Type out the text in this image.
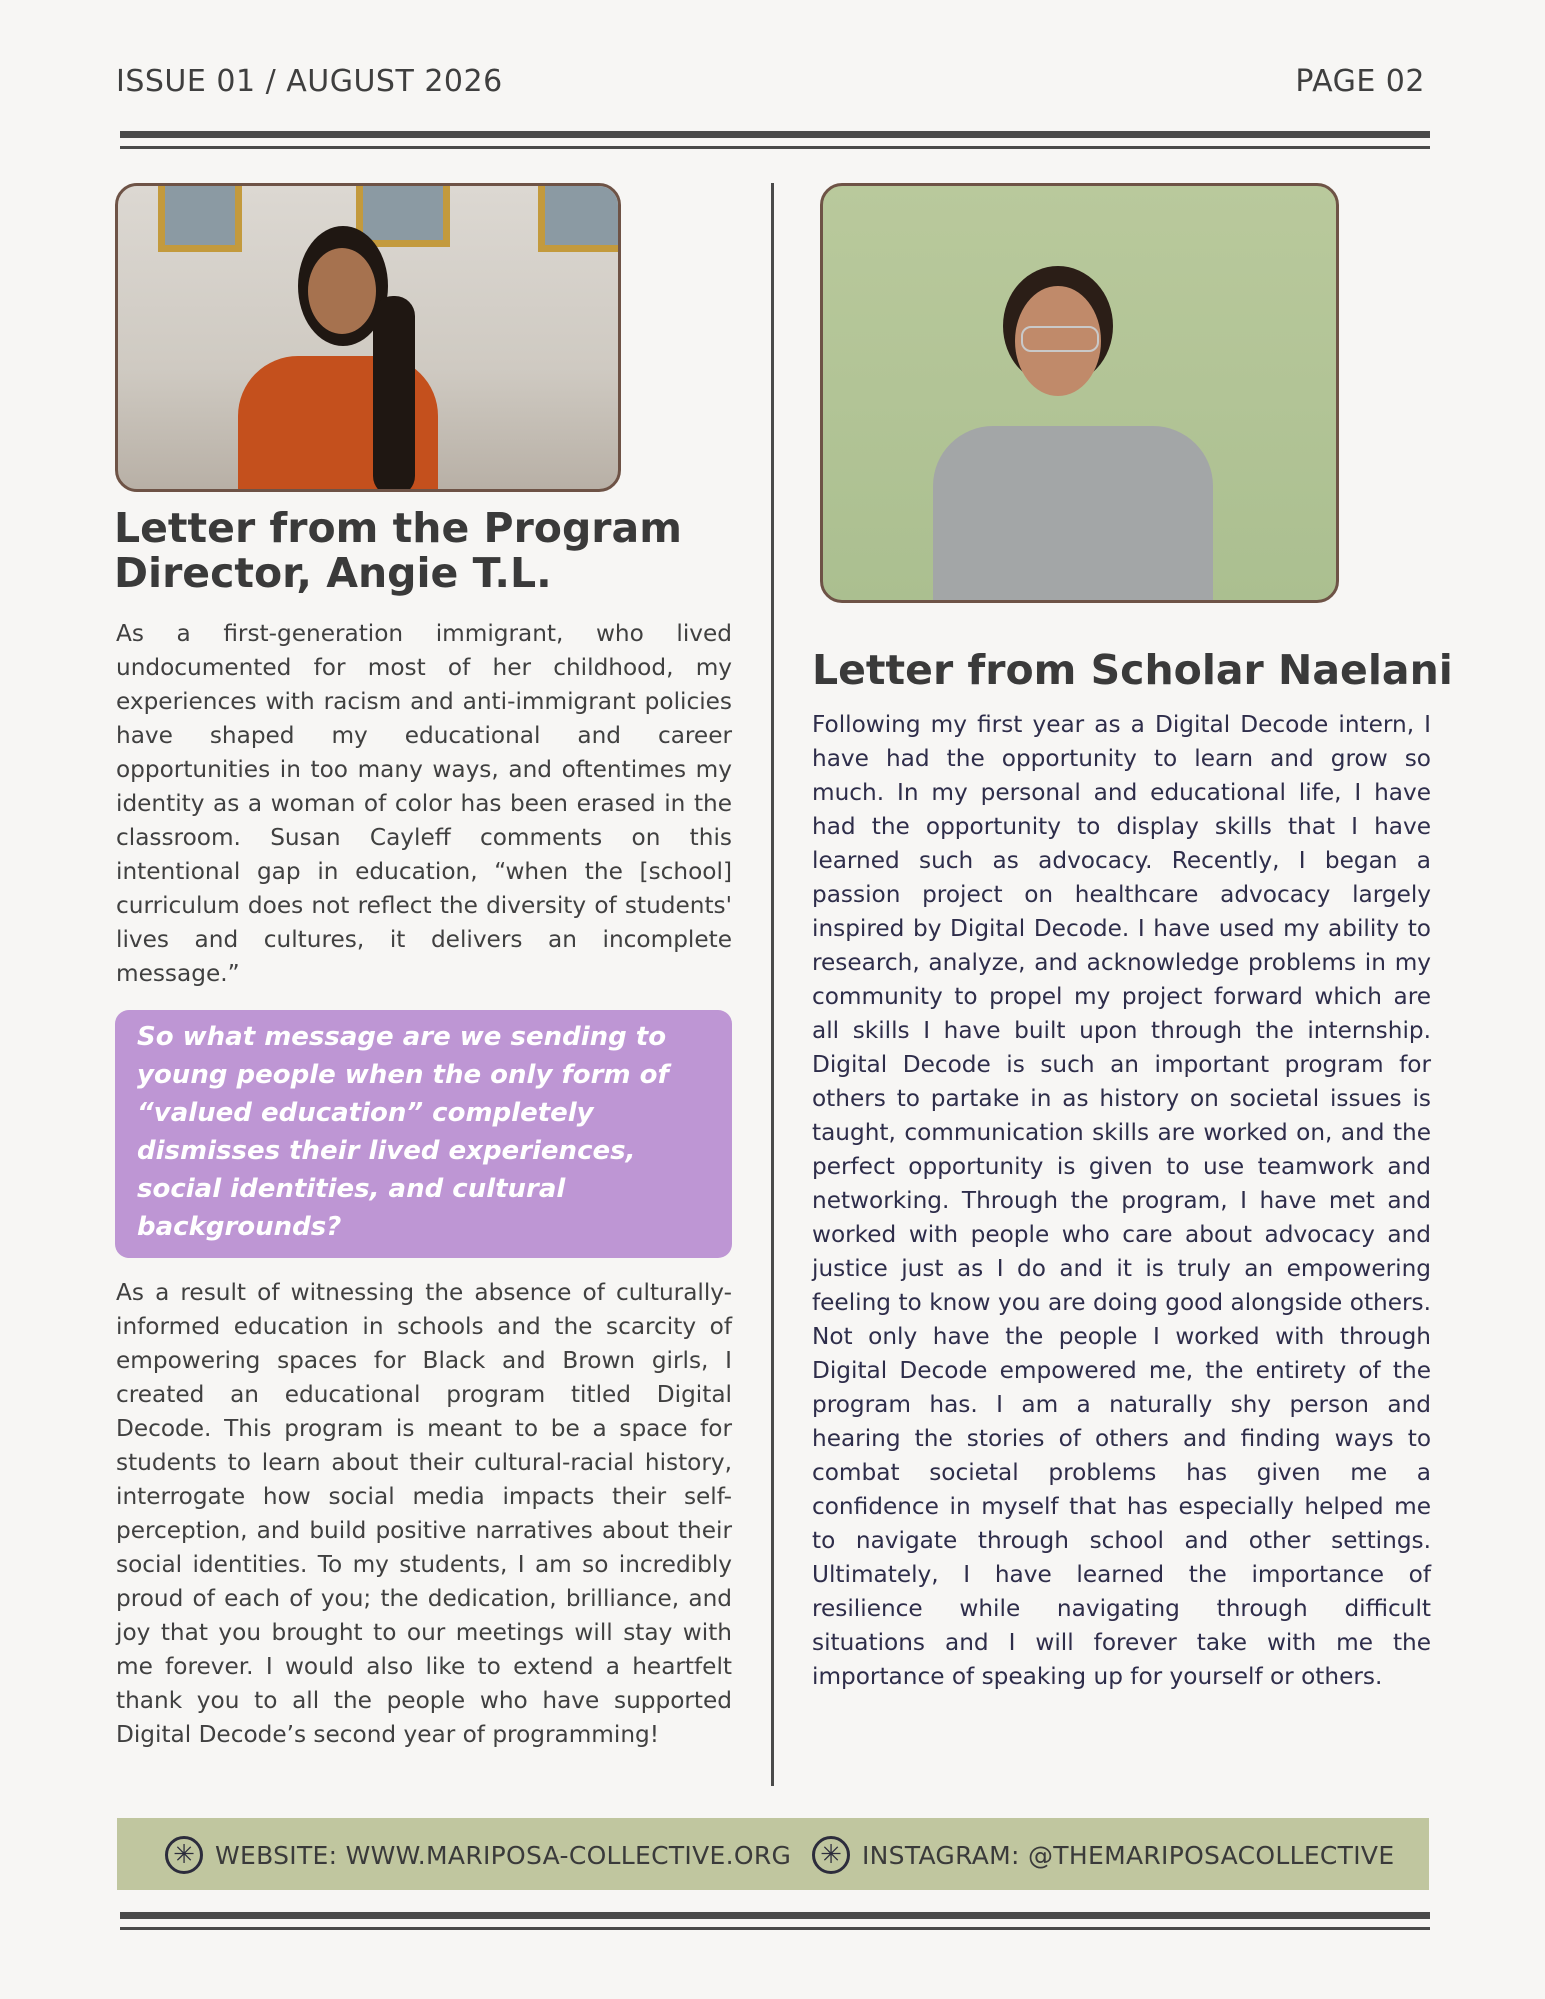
ISSUE 01 / AUGUST 2026	PAGE 02
Letter from the Program Director, Angie T.L.

As a first-generation immigrant, who lived undocumented for most of her childhood, my experiences with racism and anti-immigrant policies have shaped my educational and career opportunities in too many ways, and oftentimes my identity as a woman of color has been erased in the classroom. Susan Cayleff comments on this intentional gap in education, “when the [school] curriculum does not reflect the diversity of students' lives and cultures, it delivers an incomplete message.”

So what message are we sending to young people when the only form of “valued education” completely dismisses their lived experiences, social identities, and cultural backgrounds?

As a result of witnessing the absence of culturally-informed education in schools and the scarcity of empowering spaces for Black and Brown girls, I created an educational program titled Digital Decode. This program is meant to be a space for students to learn about their cultural-racial history, interrogate how social media impacts their self-perception, and build positive narratives about their social identities. To my students, I am so incredibly proud of each of you; the dedication, brilliance, and joy that you brought to our meetings will stay with me forever. I would also like to extend a heartfelt thank you to all the people who have supported Digital Decode’s second year of programming!

Letter from Scholar Naelani

Following my first year as a Digital Decode intern, I have had the opportunity to learn and grow so much. In my personal and educational life, I have had the opportunity to display skills that I have learned such as advocacy. Recently, I began a passion project on healthcare advocacy largely inspired by Digital Decode. I have used my ability to research, analyze, and acknowledge problems in my community to propel my project forward which are all skills I have built upon through the internship. Digital Decode is such an important program for others to partake in as history on societal issues is taught, communication skills are worked on, and the perfect opportunity is given to use teamwork and networking. Through the program, I have met and worked with people who care about advocacy and justice just as I do and it is truly an empowering feeling to know you are doing good alongside others. Not only have the people I worked with through Digital Decode empowered me, the entirety of the program has. I am a naturally shy person and hearing the stories of others and finding ways to combat societal problems has given me a confidence in myself that has especially helped me to navigate through school and other settings. Ultimately, I have learned the importance of resilience while navigating through difficult situations and I will forever take with me the importance of speaking up for yourself or others.

✳ WEBSITE: WWW.MARIPOSA-COLLECTIVE.ORG	✳ INSTAGRAM: @THEMARIPOSACOLLECTIVE
